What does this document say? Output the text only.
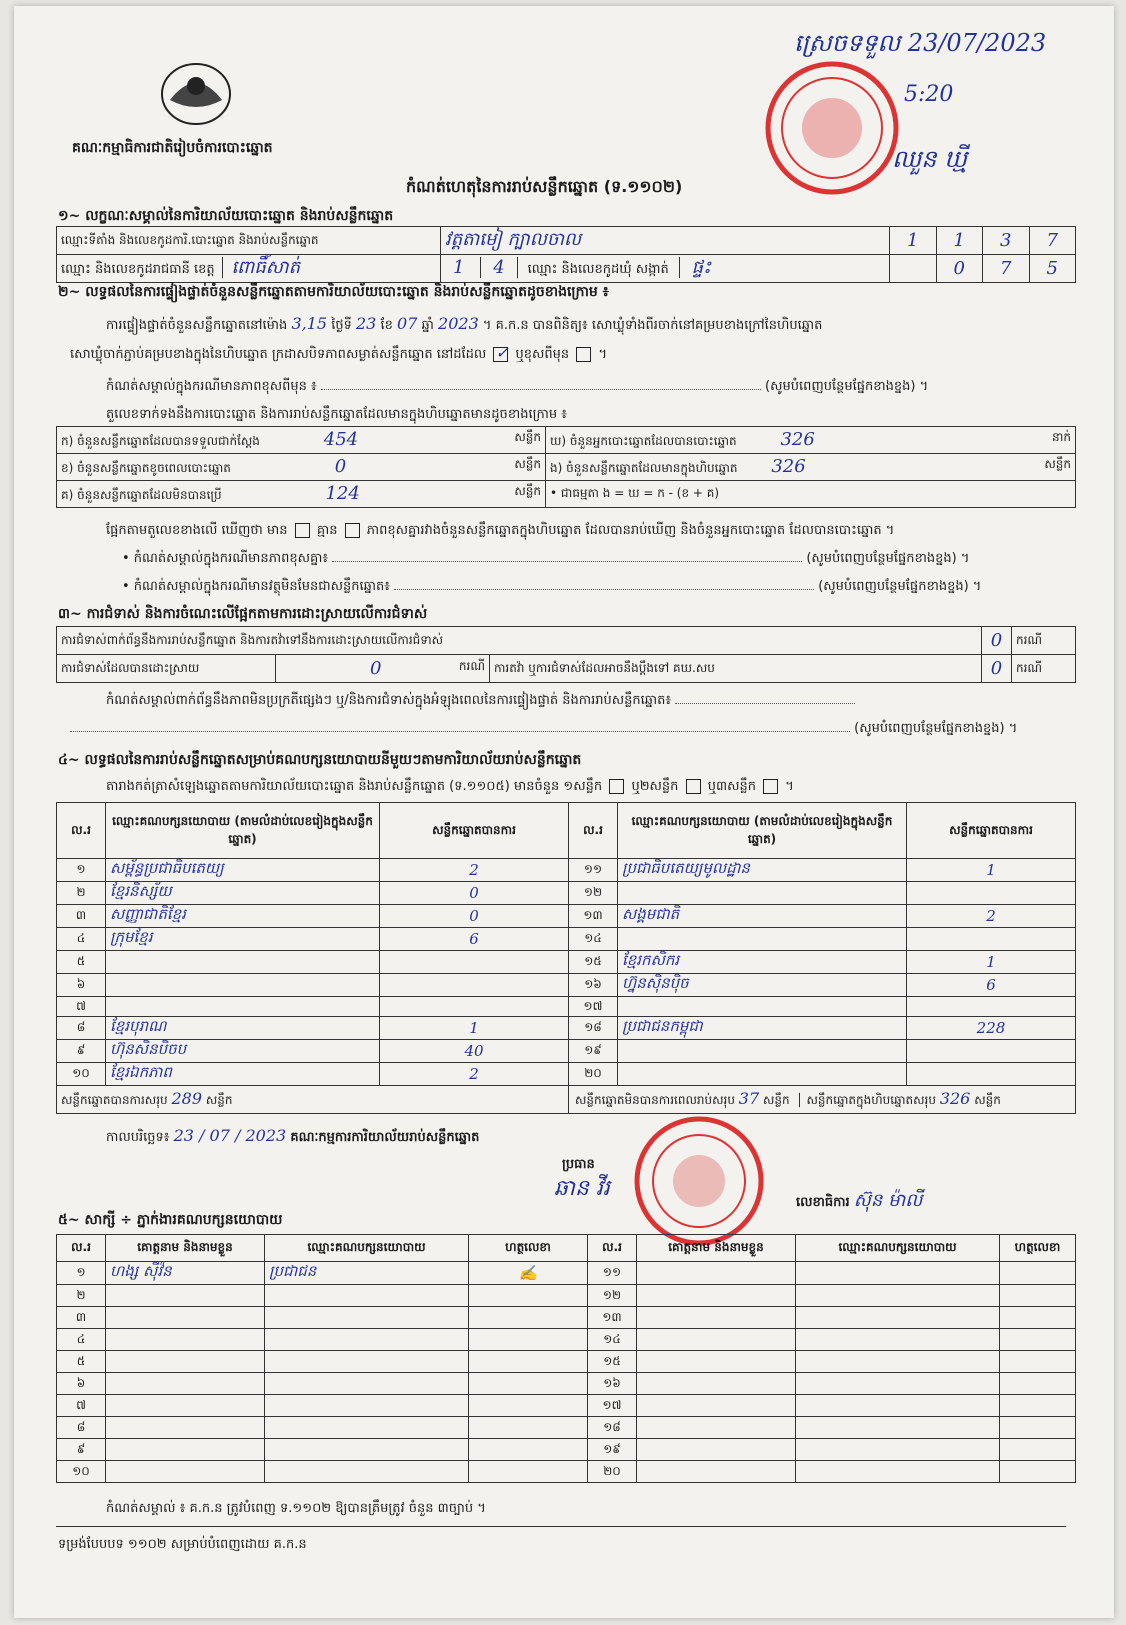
គណៈកម្មាធិការជាតិរៀបចំការបោះឆ្នោត
កំណត់ហេតុនៃការរាប់សន្លឹកឆ្នោត (ទ.១១០២)
ស្រេចទទួល 23/07/2023
5:20
ឈួន ឃ្មី
១~ លក្ខណៈសម្គាល់នៃការិយាល័យបោះឆ្នោត និងរាប់សន្លឹកឆ្នោត
ឈ្មោះទីតាំង និងលេខកូដការិ.បោះឆ្នោត និងរាប់សន្លឹកឆ្នោត	វត្តតាមៀ ក្បាលចាល	1	1	3	7
ឈ្មោះ និងលេខកូដរាជធានី ខេត្ត ពោធិ៍សាត់	1 4 ឈ្មោះ និងលេខកូដឃុំ សង្កាត់ ផ្ទះ		0	7	5
២~ លទ្ធផលនៃការផ្ទៀងផ្ទាត់ចំនួនសន្លឹកឆ្នោតតាមការិយាល័យបោះឆ្នោត និងរាប់សន្លឹកឆ្នោតដូចខាងក្រោម ៖
ការផ្ទៀងផ្ទាត់ចំនួនសន្លឹកឆ្នោតនៅម៉ោង 3,15 ថ្ងៃទី 23 ខែ 07 ឆ្នាំ 2023 ។ គ.ក.ន បានពិនិត្យ៖ សោឃ្លុំទាំងពីរចាក់នៅគម្របខាងក្រៅនៃហិបឆ្នោត
សោឃ្លុំចាក់ភ្ជាប់គម្របខាងក្នុងនៃហិបឆ្នោត ក្រដាសបិទភាពសម្ងាត់សន្លឹកឆ្នោត នៅដដែល ✓ ឬខុសពីមុន ។
កំណត់សម្គាល់ក្នុងករណីមានភាពខុសពីមុន ៖	(សូមបំពេញបន្ថែមផ្នែកខាងខ្នង) ។
តួលេខទាក់ទងនឹងការបោះឆ្នោត និងការរាប់សន្លឹកឆ្នោតដែលមានក្នុងហិបឆ្នោតមានដូចខាងក្រោម ៖
ក) ចំនួនសន្លឹកឆ្នោតដែលបានទទួលជាក់ស្តែង 454 សន្លឹក	ឃ) ចំនួនអ្នកបោះឆ្នោតដែលបានបោះឆ្នោត 326 នាក់

ខ) ចំនួនសន្លឹកឆ្នោតខូចពេលបោះឆ្នោត 0 សន្លឹក	ង) ចំនួនសន្លឹកឆ្នោតដែលមានក្នុងហិបឆ្នោត 326 សន្លឹក

គ) ចំនួនសន្លឹកឆ្នោតដែលមិនបានប្រើ 124 សន្លឹក	• ជាធម្មតា ង = ឃ = ក - (ខ + គ)
ផ្អែកតាមតួលេខខាងលើ ឃើញថា មាន គ្មាន ភាពខុសគ្នារវាងចំនួនសន្លឹកឆ្នោតក្នុងហិបឆ្នោត ដែលបានរាប់ឃើញ និងចំនួនអ្នកបោះឆ្នោត ដែលបានបោះឆ្នោត ។
• កំណត់សម្គាល់ក្នុងករណីមានភាពខុសគ្នា៖	(សូមបំពេញបន្ថែមផ្នែកខាងខ្នង) ។
• កំណត់សម្គាល់ក្នុងករណីមានវត្ថុមិនមែនជាសន្លឹកឆ្នោត៖	(សូមបំពេញបន្ថែមផ្នែកខាងខ្នង) ។
៣~ ការជំទាស់ និងការចំណេះលើផ្អែកតាមការដោះស្រាយលើការជំទាស់
ការជំទាស់ពាក់ព័ន្ធនឹងការរាប់សន្លឹកឆ្នោត និងការតវ៉ាទៅនឹងការដោះស្រាយលើការជំទាស់			0	ករណី
ការជំទាស់ដែលបានដោះស្រាយ	0 ករណី	ការតវ៉ា ឬការជំទាស់ដែលអាចនឹងប្តឹងទៅ គឃ.សប	0	ករណី
កំណត់សម្គាល់ពាក់ព័ន្ធនឹងភាពមិនប្រក្រតីផ្សេងៗ ឬ/និងការជំទាស់ក្នុងអំឡុងពេលនៃការផ្ទៀងផ្ទាត់ និងការរាប់សន្លឹកឆ្នោត៖
(សូមបំពេញបន្ថែមផ្នែកខាងខ្នង) ។
៤~ លទ្ធផលនៃការរាប់សន្លឹកឆ្នោតសម្រាប់គណបក្សនយោបាយនីមួយៗតាមការិយាល័យរាប់សន្លឹកឆ្នោត
តារាងកត់ត្រាសំឡេងឆ្នោតតាមការិយាល័យបោះឆ្នោត និងរាប់សន្លឹកឆ្នោត (ទ.១១០៥) មានចំនួន ១សន្លឹក ឬ២សន្លឹក ឬ៣សន្លឹក ។
ល.រ	ឈ្មោះគណបក្សនយោបាយ (តាមលំដាប់លេខរៀងក្នុងសន្លឹកឆ្នោត)	សន្លឹកឆ្នោតបានការ	ល.រ	ឈ្មោះគណបក្សនយោបាយ (តាមលំដាប់លេខរៀងក្នុងសន្លឹកឆ្នោត)	សន្លឹកឆ្នោតបានការ
១	សម្ព័ន្ធប្រជាធិបតេយ្យ	2	១១	ប្រជាធិបតេយ្យមូលដ្ឋាន	1
២	ខ្មែរនិស្ស័យ	0	១២		
៣	សញ្ញាជាតិខ្មែរ	0	១៣	សង្គមជាតិ	2
៤	ក្រុមខ្មែរ	6	១៤		
៥			១៥	ខ្មែរកសិករ	1
៦			១៦	ហ្វ៊ុនស៊ិនប៉ិច	6
៧			១៧		
៨	ខ្មែរបុរាណ	1	១៨	ប្រជាជនកម្ពុជា	228
៩	ហ៊ុនសិនបិចប	40	១៩		
១០	ខ្មែរឯកភាព	2	២០		
សន្លឹកឆ្នោតបានការសរុប 289 សន្លឹក			សន្លឹកឆ្នោតមិនបានការពេលរាប់សរុប 37 សន្លឹក សន្លឹកឆ្នោតក្នុងហិបឆ្នោតសរុប 326 សន្លឹក		
កាលបរិច្ឆេទ៖ 23 / 07 / 2023 គណៈកម្មការការិយាល័យរាប់សន្លឹកឆ្នោត
ប្រធាន
ឆាន វីរ
លេខាធិការ ស៊ុន ម៉ាលី
៥~ សាក្សី ÷ ភ្នាក់ងារគណបក្សនយោបាយ
ល.រ	គោត្តនាម និងនាមខ្លួន	ឈ្មោះគណបក្សនយោបាយ	ហត្ថលេខា	ល.រ	គោត្តនាម និងនាមខ្លួន	ឈ្មោះគណបក្សនយោបាយ	ហត្ថលេខា
១	ហង្ស ស៊ីវ៉ន	ប្រជាជន	✍	១១			
២				១២			
៣				១៣			
៤				១៤			
៥				១៥			
៦				១៦			
៧				១៧			
៨				១៨			
៩				១៩			
១០				២០			
កំណត់សម្គាល់ ៖ គ.ក.ន ត្រូវបំពេញ ទ.១១០២ ឱ្យបានត្រឹមត្រូវ ចំនួន ៣ច្បាប់ ។
ទម្រង់បែបបទ ១១០២ សម្រាប់បំពេញដោយ គ.ក.ន
